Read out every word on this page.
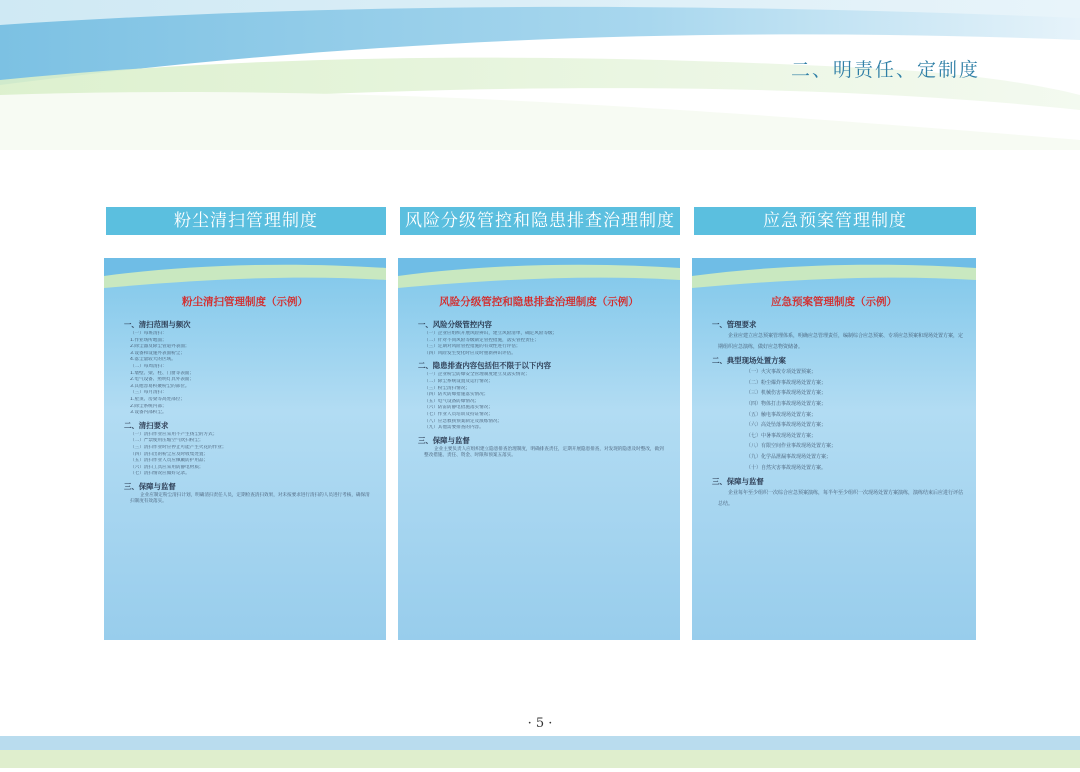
二、明责任、定制度
粉尘清扫管理制度	风险分级管控和隐患排查治理制度	应急预案管理制度
粉尘清扫管理制度（示例）
一、清扫范围与频次
（一）每班清扫：
1.作业场所地面；
2.除尘器及除尘管道外表面；
3.设备和设施外表面粉尘；
4.落尘量较大的区域。
（二）每周清扫：
1.墙壁、梁、柱、门窗等表面；
2.电气设备、照明灯具外表面；
3.其他容易积聚粉尘的部位。
（三）每月清扫：
1.屋顶、房梁等高处部位；
2.除尘系统内部；
3.设备内部积尘。
二、清扫要求
（一）清扫作业应采用不产生扬尘的方式；
（二）严禁使用压缩空气吹扫粉尘；
（三）清扫作业时应停止可能产生火花的作业；
（四）清扫出的粉尘应及时收集处置；
（五）清扫作业人员应佩戴防护用品；
（六）清扫工具应采用防静电材质；
（七）清扫情况应做好记录。
三、保障与监督
企业应制定粉尘清扫计划，明确清扫责任人员，定期检查清扫效果，对未按要求进行清扫的人员进行考核，确保清扫制度有效落实。
风险分级管控和隐患排查治理制度（示例）
一、风险分级管控内容
（一）企业应组织开展风险辨识，建立风险清单，确定风险等级；
（二）针对不同风险等级制定管控措施，落实管控责任；
（三）定期对风险管控措施的有效性进行评估；
（四）风险发生变化时应及时重新辨识评估。
二、隐患排查内容包括但不限于以下内容
（一）企业粉尘防爆安全管理制度建立及落实情况；
（二）除尘系统设置及运行情况；
（三）粉尘清扫情况；
（四）防火防爆措施落实情况；
（五）电气设备防爆情况；
（六）防雷防静电措施落实情况；
（七）作业人员培训及持证情况；
（八）应急救援预案制定及演练情况；
（九）其他需要排查的内容。
三、保障与监督
企业主要负责人应组织建立隐患排查治理制度，明确排查责任，定期开展隐患排查，对发现的隐患及时整改，做到整改措施、责任、资金、时限和预案五落实。
应急预案管理制度（示例）
一、管理要求
企业应建立应急预案管理体系，明确应急管理责任，编制综合应急预案、专项应急预案和现场处置方案，定期组织应急演练，做好应急物资储备。
二、典型现场处置方案
（一）火灾事故专项处置预案；
（二）粉尘爆炸事故现场处置方案；
（三）机械伤害事故现场处置方案；
（四）物体打击事故现场处置方案；
（五）触电事故现场处置方案；
（六）高处坠落事故现场处置方案；
（七）中暑事故现场处置方案；
（八）有限空间作业事故现场处置方案；
（九）化学品泄漏事故现场处置方案；
（十）自然灾害事故现场处置方案。
三、保障与监督
企业每年至少组织一次综合应急预案演练，每半年至少组织一次现场处置方案演练，演练结束后应进行评估总结。
· 5 ·
